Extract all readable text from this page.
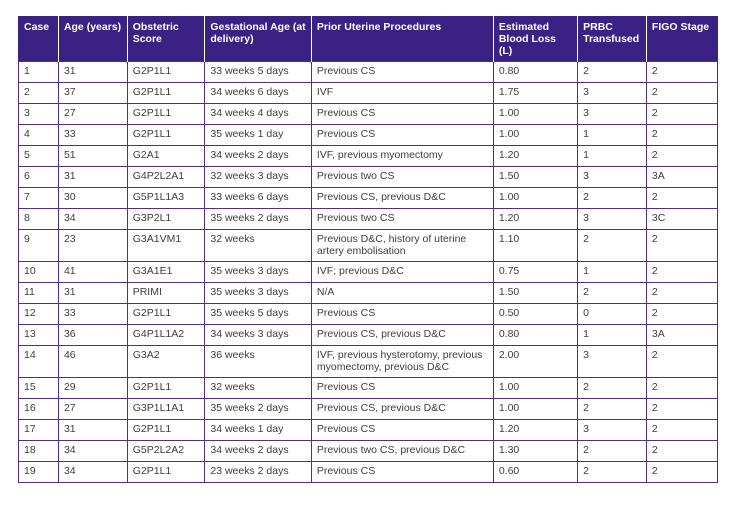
Case	Age (years)	Obstetric Score	Gestational Age (at delivery)	Prior Uterine Procedures	Estimated Blood Loss (L)	PRBC Transfused	FIGO Stage
1	31	G2P1L1	33 weeks 5 days	Previous CS	0.80	2	2
2	37	G2P1L1	34 weeks 6 days	IVF	1.75	3	2
3	27	G2P1L1	34 weeks 4 days	Previous CS	1.00	3	2
4	33	G2P1L1	35 weeks 1 day	Previous CS	1.00	1	2
5	51	G2A1	34 weeks 2 days	IVF, previous myomectomy	1.20	1	2
6	31	G4P2L2A1	32 weeks 3 days	Previous two CS	1.50	3	3A
7	30	G5P1L1A3	33 weeks 6 days	Previous CS, previous D&C	1.00	2	2
8	34	G3P2L1	35 weeks 2 days	Previous two CS	1.20	3	3C
9	23	G3A1VM1	32 weeks	Previous D&C, history of uterine artery embolisation	1.10	2	2
10	41	G3A1E1	35 weeks 3 days	IVF; previous D&C	0.75	1	2
11	31	PRIMI	35 weeks 3 days	N/A	1.50	2	2
12	33	G2P1L1	35 weeks 5 days	Previous CS	0.50	0	2
13	36	G4P1L1A2	34 weeks 3 days	Previous CS, previous D&C	0.80	1	3A
14	46	G3A2	36 weeks	IVF, previous hysterotomy, previous myomectomy, previous D&C	2.00	3	2
15	29	G2P1L1	32 weeks	Previous CS	1.00	2	2
16	27	G3P1L1A1	35 weeks 2 days	Previous CS, previous D&C	1.00	2	2
17	31	G2P1L1	34 weeks 1 day	Previous CS	1.20	3	2
18	34	G5P2L2A2	34 weeks 2 days	Previous two CS, previous D&C	1.30	2	2
19	34	G2P1L1	23 weeks 2 days	Previous CS	0.60	2	2
